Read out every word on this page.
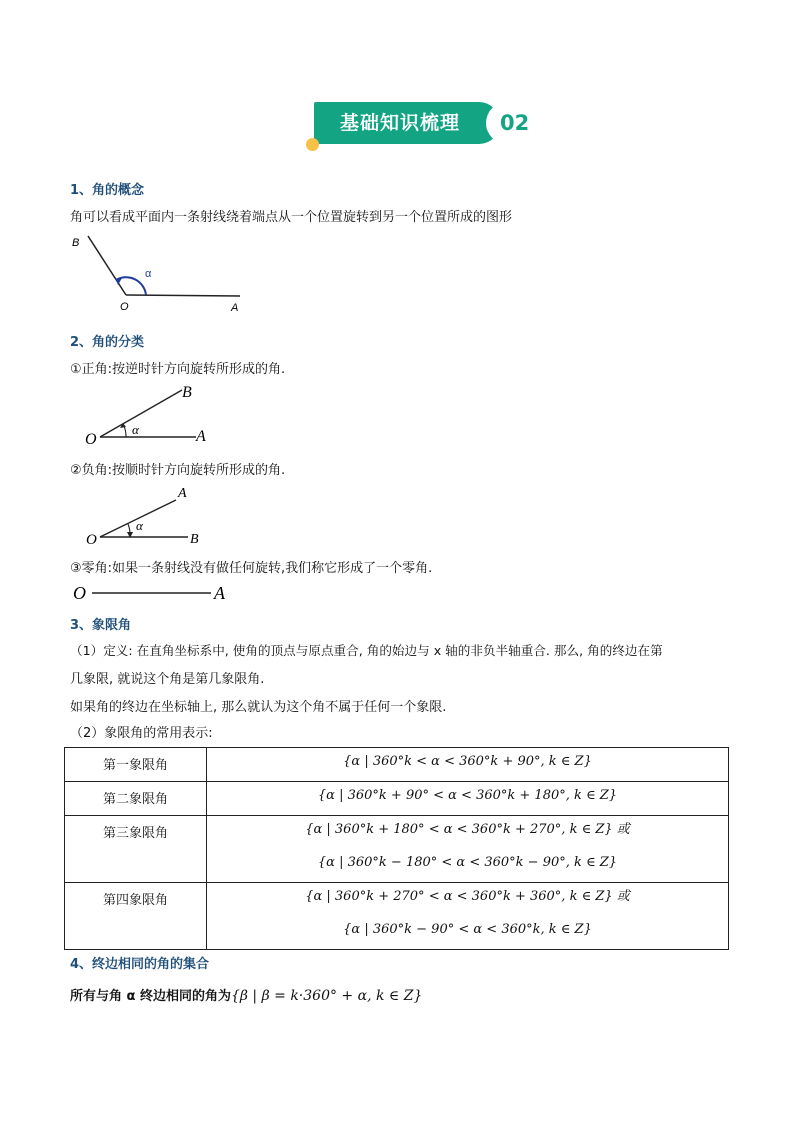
基础知识梳理	02
1、角的概念
角可以看成平面内一条射线绕着端点从一个位置旋转到另一个位置所成的图形
B
O	A
α
2、角的分类
①正角:按逆时针方向旋转所形成的角.
B
O	A
α
②负角:按顺时针方向旋转所形成的角.
A
O	B
α
③零角:如果一条射线没有做任何旋转,我们称它形成了一个零角.
O	A
3、象限角
（1）定义: 在直角坐标系中, 使角的顶点与原点重合, 角的始边与 x 轴的非负半轴重合. 那么, 角的终边在第
几象限, 就说这个角是第几象限角.
如果角的终边在坐标轴上, 那么就认为这个角不属于任何一个象限.
（2）象限角的常用表示:
第一象限角	{α | 360°k < α < 360°k + 90°, k ∈ Z}

第二象限角	{α | 360°k + 90° < α < 360°k + 180°, k ∈ Z}

第三象限角	{α | 360°k + 180° < α < 360°k + 270°, k ∈ Z} 或
{α | 360°k − 180° < α < 360°k − 90°, k ∈ Z}

第四象限角	{α | 360°k + 270° < α < 360°k + 360°, k ∈ Z} 或
{α | 360°k − 90° < α < 360°k, k ∈ Z}
4、终边相同的角的集合
所有与角 α 终边相同的角为{β | β = k·360° + α, k ∈ Z}
